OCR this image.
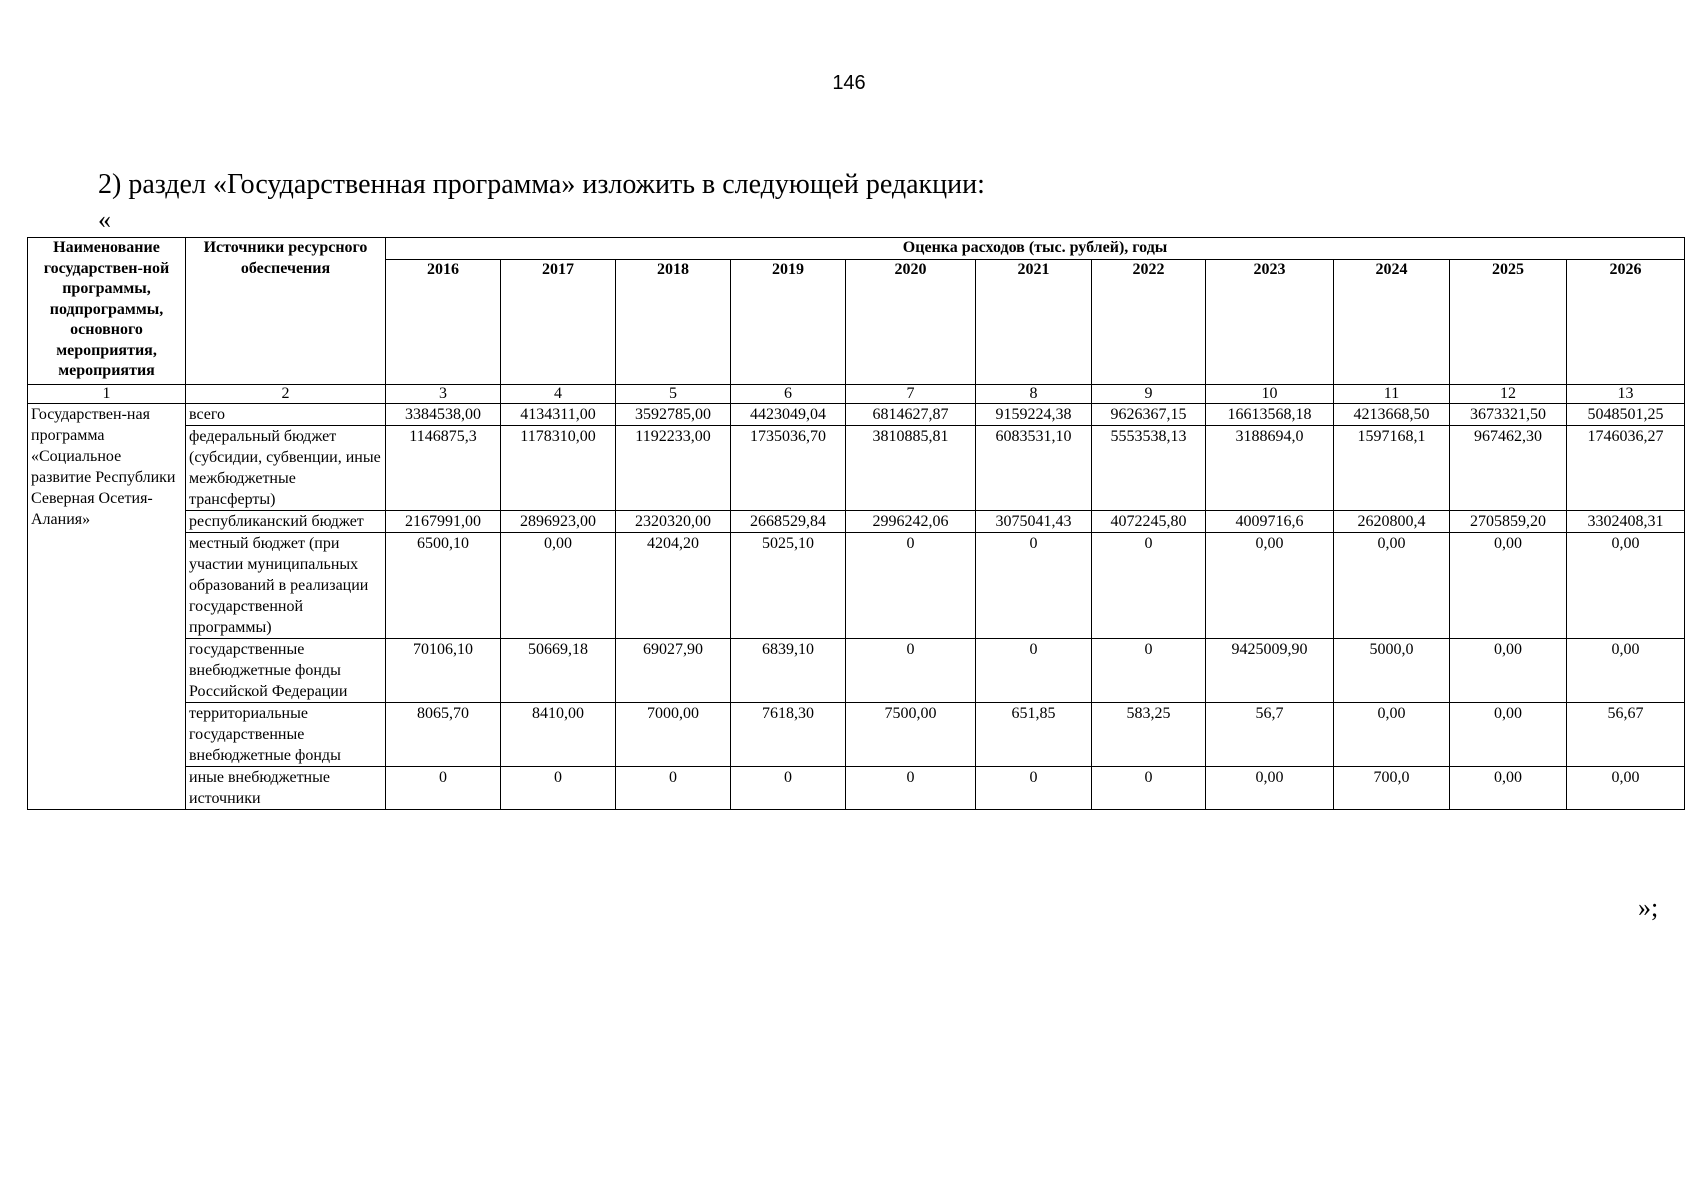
146
2) раздел «Государственная программа» изложить в следующей редакции:
«
Наименование государствен-ной программы, подпрограммы, основного мероприятия, мероприятия	Источники ресурсного обеспечения	Оценка расходов (тыс. рублей), годы										
		2016	2017	2018	2019	2020	2021	2022	2023	2024	2025	2026
1	2	3	4	5	6	7	8	9	10	11	12	13
Государствен-ная программа «Социальное развитие Республики Северная Осетия-Алания»	всего	3384538,00	4134311,00	3592785,00	4423049,04	6814627,87	9159224,38	9626367,15	16613568,18	4213668,50	3673321,50	5048501,25
	федеральный бюджет (субсидии, субвенции, иные межбюджетные трансферты)	1146875,3	1178310,00	1192233,00	1735036,70	3810885,81	6083531,10	5553538,13	3188694,0	1597168,1	967462,30	1746036,27
	республиканский бюджет	2167991,00	2896923,00	2320320,00	2668529,84	2996242,06	3075041,43	4072245,80	4009716,6	2620800,4	2705859,20	3302408,31
	местный бюджет (при участии муниципальных образований в реализации государственной программы)	6500,10	0,00	4204,20	5025,10	0	0	0	0,00	0,00	0,00	0,00
	государственные внебюджетные фонды Российской Федерации	70106,10	50669,18	69027,90	6839,10	0	0	0	9425009,90	5000,0	0,00	0,00
	территориальные государственные внебюджетные фонды	8065,70	8410,00	7000,00	7618,30	7500,00	651,85	583,25	56,7	0,00	0,00	56,67
	иные внебюджетные источники	0	0	0	0	0	0	0	0,00	700,0	0,00	0,00
»;
